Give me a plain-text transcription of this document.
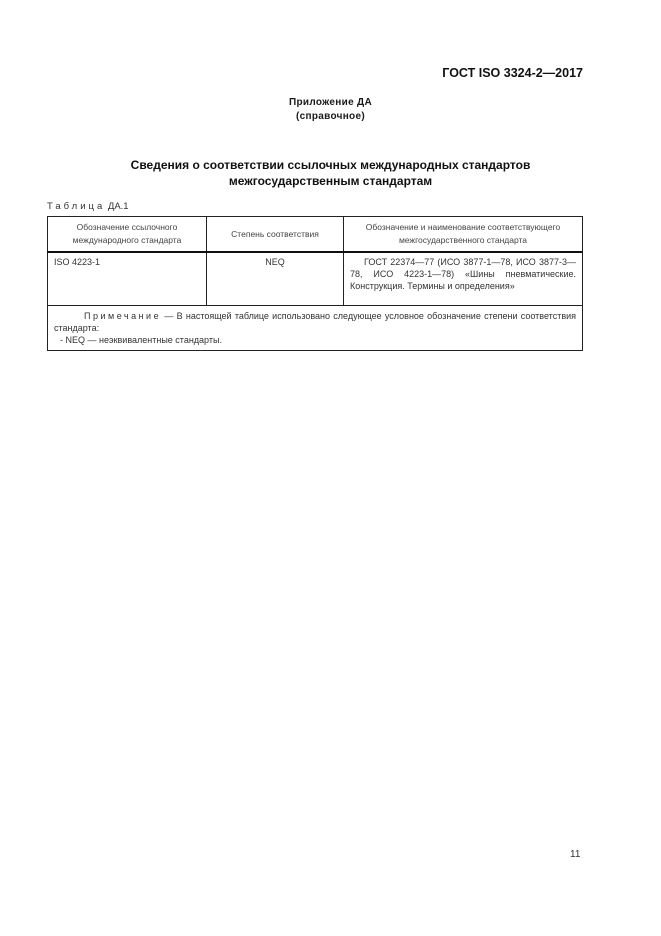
ГОСТ ISO 3324-2—2017
Приложение ДА
(справочное)
Сведения о соответствии ссылочных международных стандартов
межгосударственным стандартам
Таблица ДА.1
Обозначение ссылочного
международного стандарта

Степень соответствия

Обозначение и наименование соответствующего
межгосударственного стандарта

ISO 4223-1	NEQ	ГОСТ 22374—77 (ИСО 3877-1—78, ИСО 3877-3—78, ИСО 4223-1—78) «Шины пневматические. Конструкция. Термины и определения»

Примечание — В настоящей таблице использовано следующее условное обозначение степени соответствия стандарта:
- NEQ — неэквивалентные стандарты.		
11
